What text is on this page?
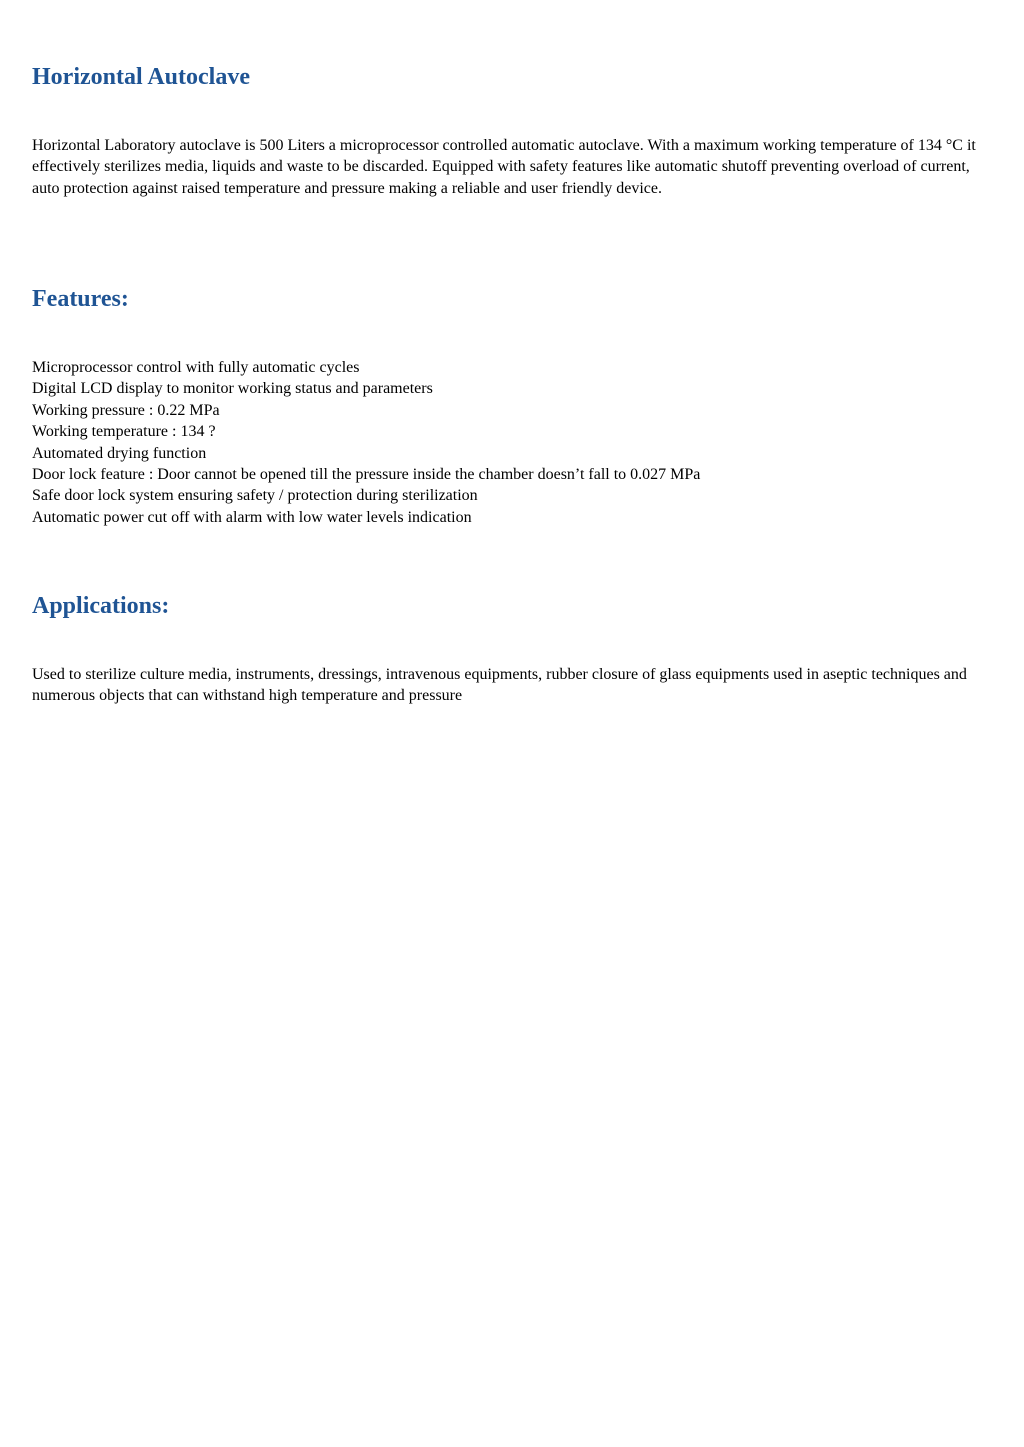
Horizontal Autoclave

Horizontal Laboratory autoclave is 500 Liters a microprocessor controlled automatic autoclave. With a maximum working temperature of 134 °C it effectively sterilizes media, liquids and waste to be discarded. Equipped with safety features like automatic shutoff preventing overload of current, auto protection against raised temperature and pressure making a reliable and user friendly device.

Features:
Microprocessor control with fully automatic cycles
Digital LCD display to monitor working status and parameters
Working pressure : 0.22 MPa
Working temperature : 134 ?
Automated drying function
Door lock feature : Door cannot be opened till the pressure inside the chamber doesn’t fall to 0.027 MPa
Safe door lock system ensuring safety / protection during sterilization
Automatic power cut off with alarm with low water levels indication
Applications:

Used to sterilize culture media, instruments, dressings, intravenous equipments, rubber closure of glass equipments used in aseptic techniques and numerous objects that can withstand high temperature and pressure
